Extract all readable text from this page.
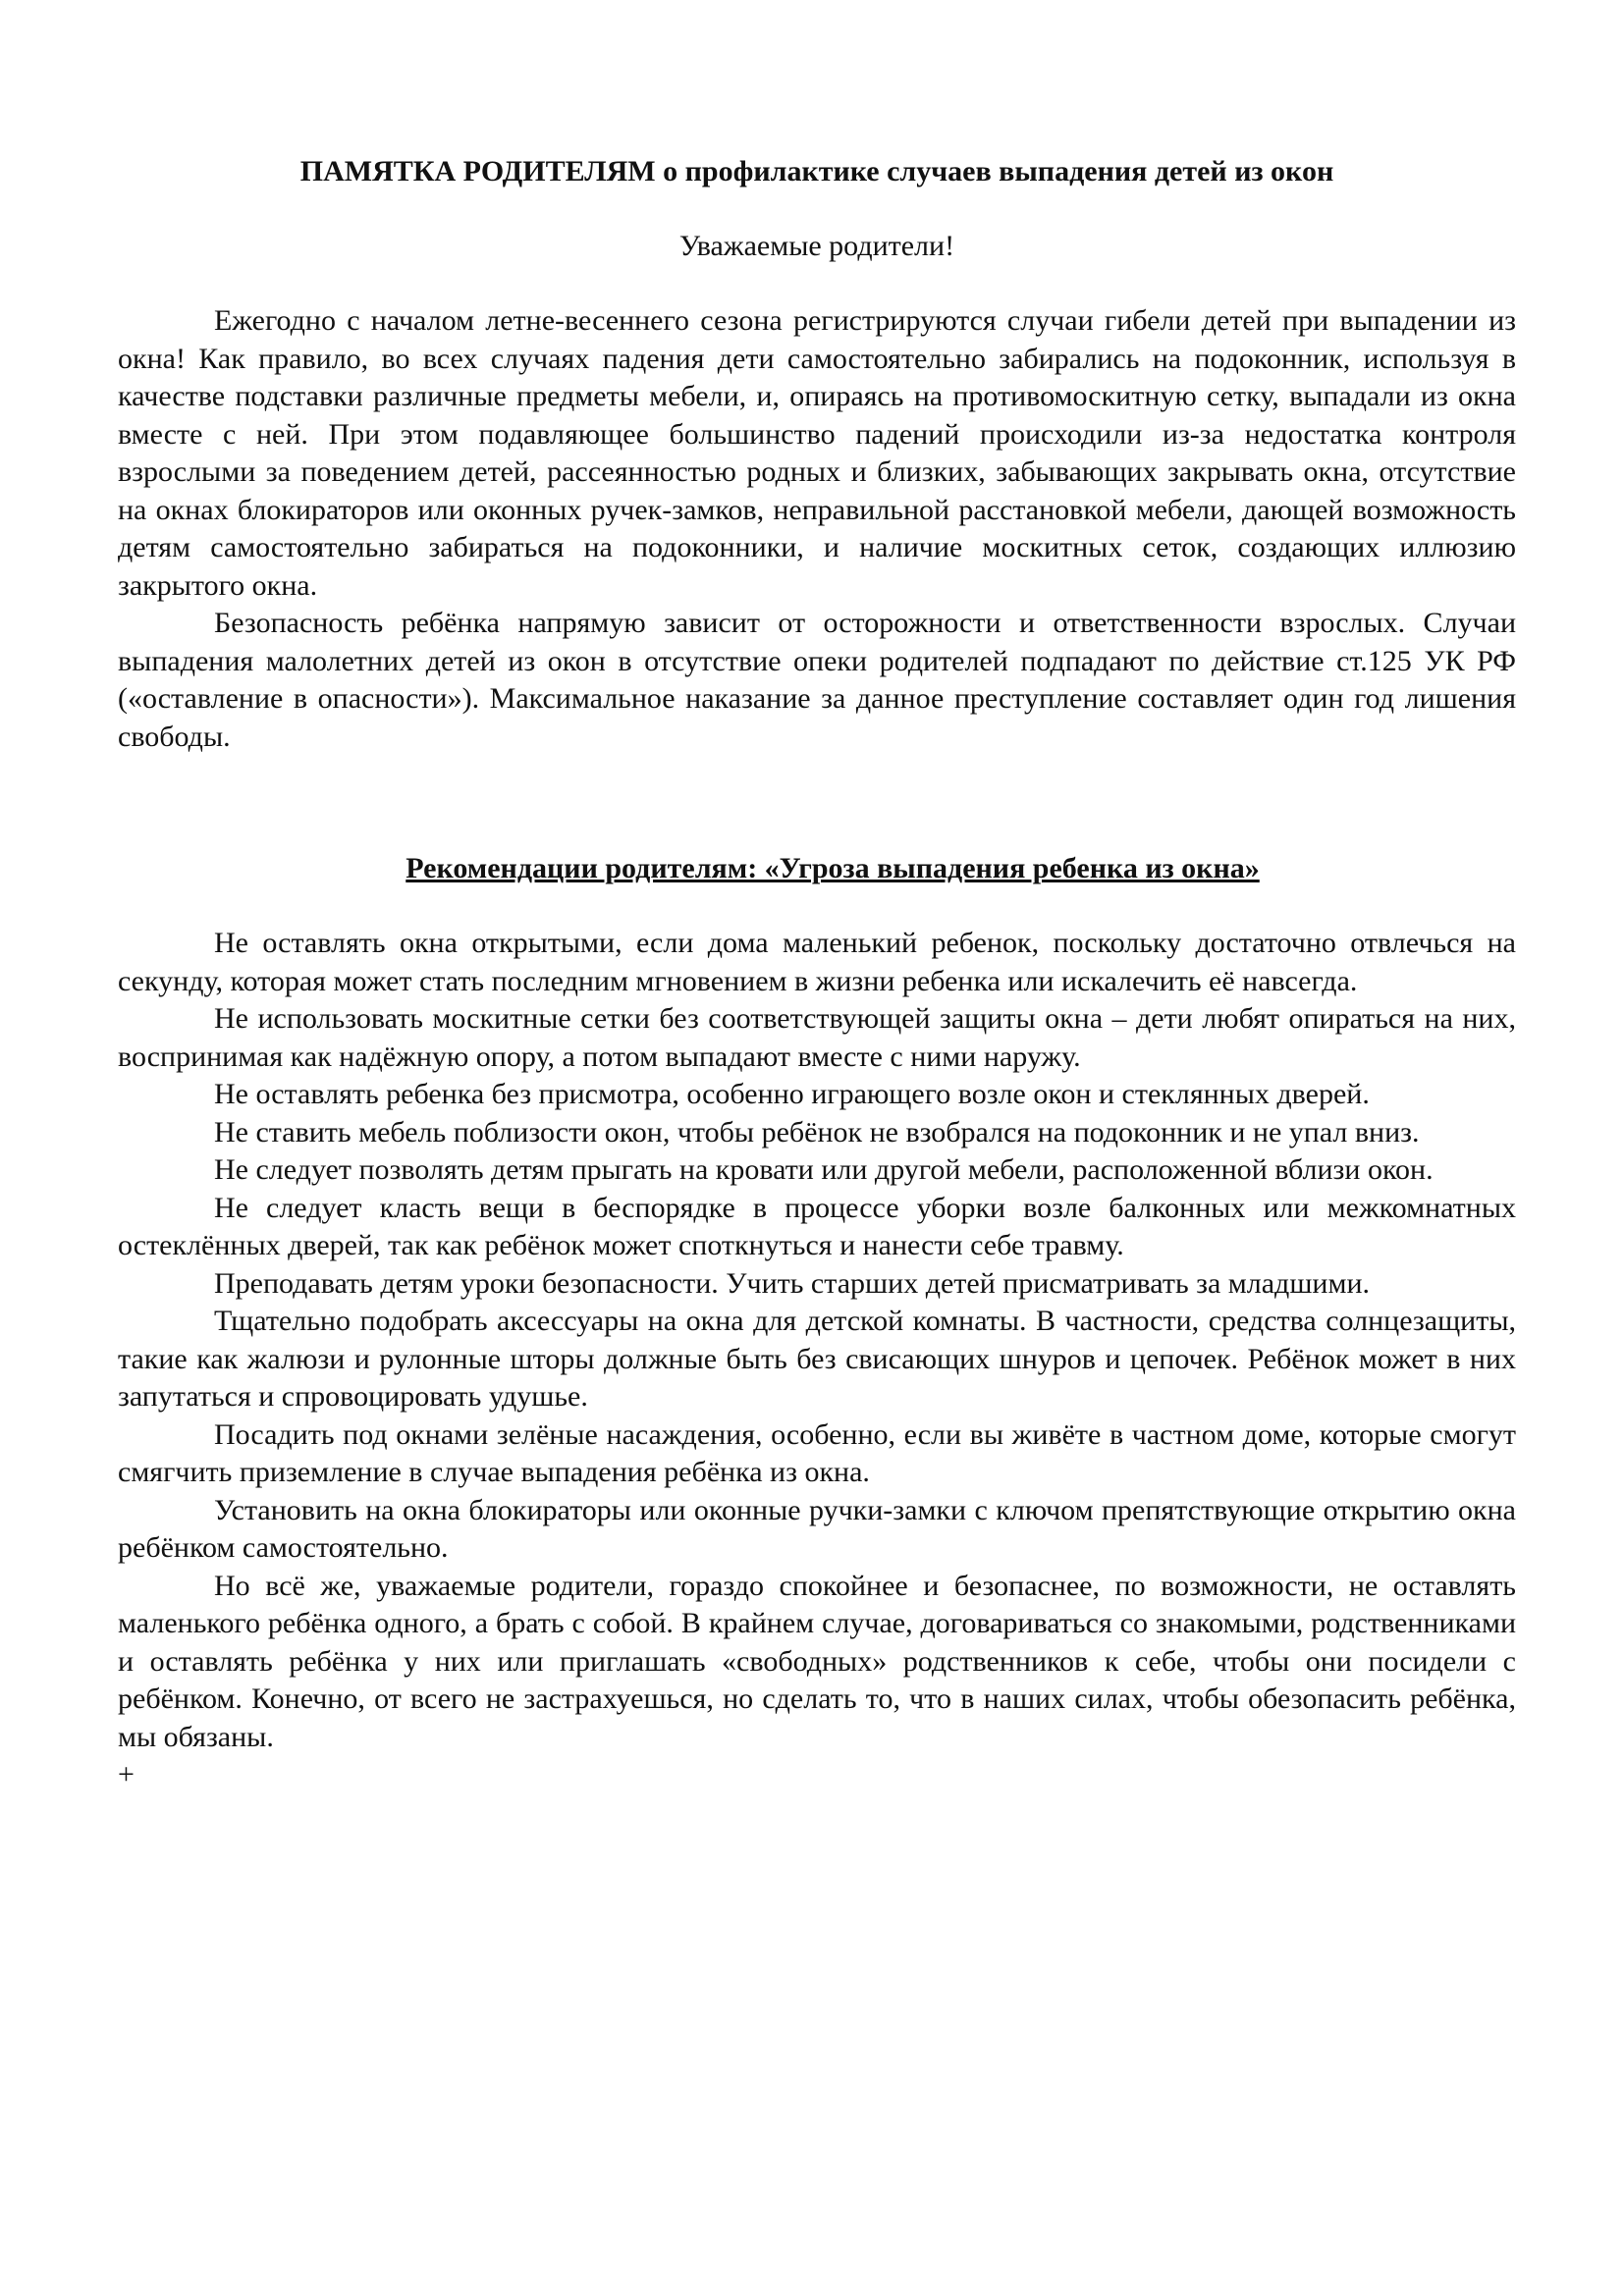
ПАМЯТКА РОДИТЕЛЯМ о профилактике случаев выпадения детей из окон
Уважаемые родители!

Ежегодно с началом летне-весеннего сезона регистрируются случаи гибели детей при выпадении из окна! Как правило, во всех случаях падения дети самостоятельно забирались на подоконник, используя в качестве подставки различные предметы мебели, и, опираясь на противомоскитную сетку, выпадали из окна вместе с ней. При этом подавляющее большинство падений происходили из-за недостатка контроля взрослыми за поведением детей, рассеянностью родных и близких, забывающих закрывать окна, отсутствие на окнах блокираторов или оконных ручек-замков, неправильной расстановкой мебели, дающей возможность детям самостоятельно забираться на подоконники, и наличие москитных сеток, создающих иллюзию закрытого окна.

Безопасность ребёнка напрямую зависит от осторожности и ответственности взрослых. Случаи выпадения малолетних детей из окон в отсутствие опеки родителей подпадают по действие ст.125 УК РФ («оставление в опасности»). Максимальное наказание за данное преступление составляет один год лишения свободы.

Рекомендации родителям: «Угроза выпадения ребенка из окна»

Не оставлять окна открытыми, если дома маленький ребенок, поскольку достаточно отвлечься на секунду, которая может стать последним мгновением в жизни ребенка или искалечить её навсегда.

Не использовать москитные сетки без соответствующей защиты окна – дети любят опираться на них, воспринимая как надёжную опору, а потом выпадают вместе с ними наружу.

Не оставлять ребенка без присмотра, особенно играющего возле окон и стеклянных дверей.

Не ставить мебель поблизости окон, чтобы ребёнок не взобрался на подоконник и не упал вниз.

Не следует позволять детям прыгать на кровати или другой мебели, расположенной вблизи окон.

Не следует класть вещи в беспорядке в процессе уборки возле балконных или межкомнатных остеклённых дверей, так как ребёнок может споткнуться и нанести себе травму.

Преподавать детям уроки безопасности. Учить старших детей присматривать за младшими.

Тщательно подобрать аксессуары на окна для детской комнаты. В частности, средства солнцезащиты, такие как жалюзи и рулонные шторы должные быть без свисающих шнуров и цепочек. Ребёнок может в них запутаться и спровоцировать удушье.

Посадить под окнами зелёные насаждения, особенно, если вы живёте в частном доме, которые смогут смягчить приземление в случае выпадения ребёнка из окна.

Установить на окна блокираторы или оконные ручки-замки с ключом препятствующие открытию окна ребёнком самостоятельно.

Но всё же, уважаемые родители, гораздо спокойнее и безопаснее, по возможности, не оставлять маленького ребёнка одного, а брать с собой. В крайнем случае, договариваться со знакомыми, родственниками и оставлять ребёнка у них или приглашать «свободных» родственников к себе, чтобы они посидели с ребёнком. Конечно, от всего не застрахуешься, но сделать то, что в наших силах, чтобы обезопасить ребёнка, мы обязаны.

+
